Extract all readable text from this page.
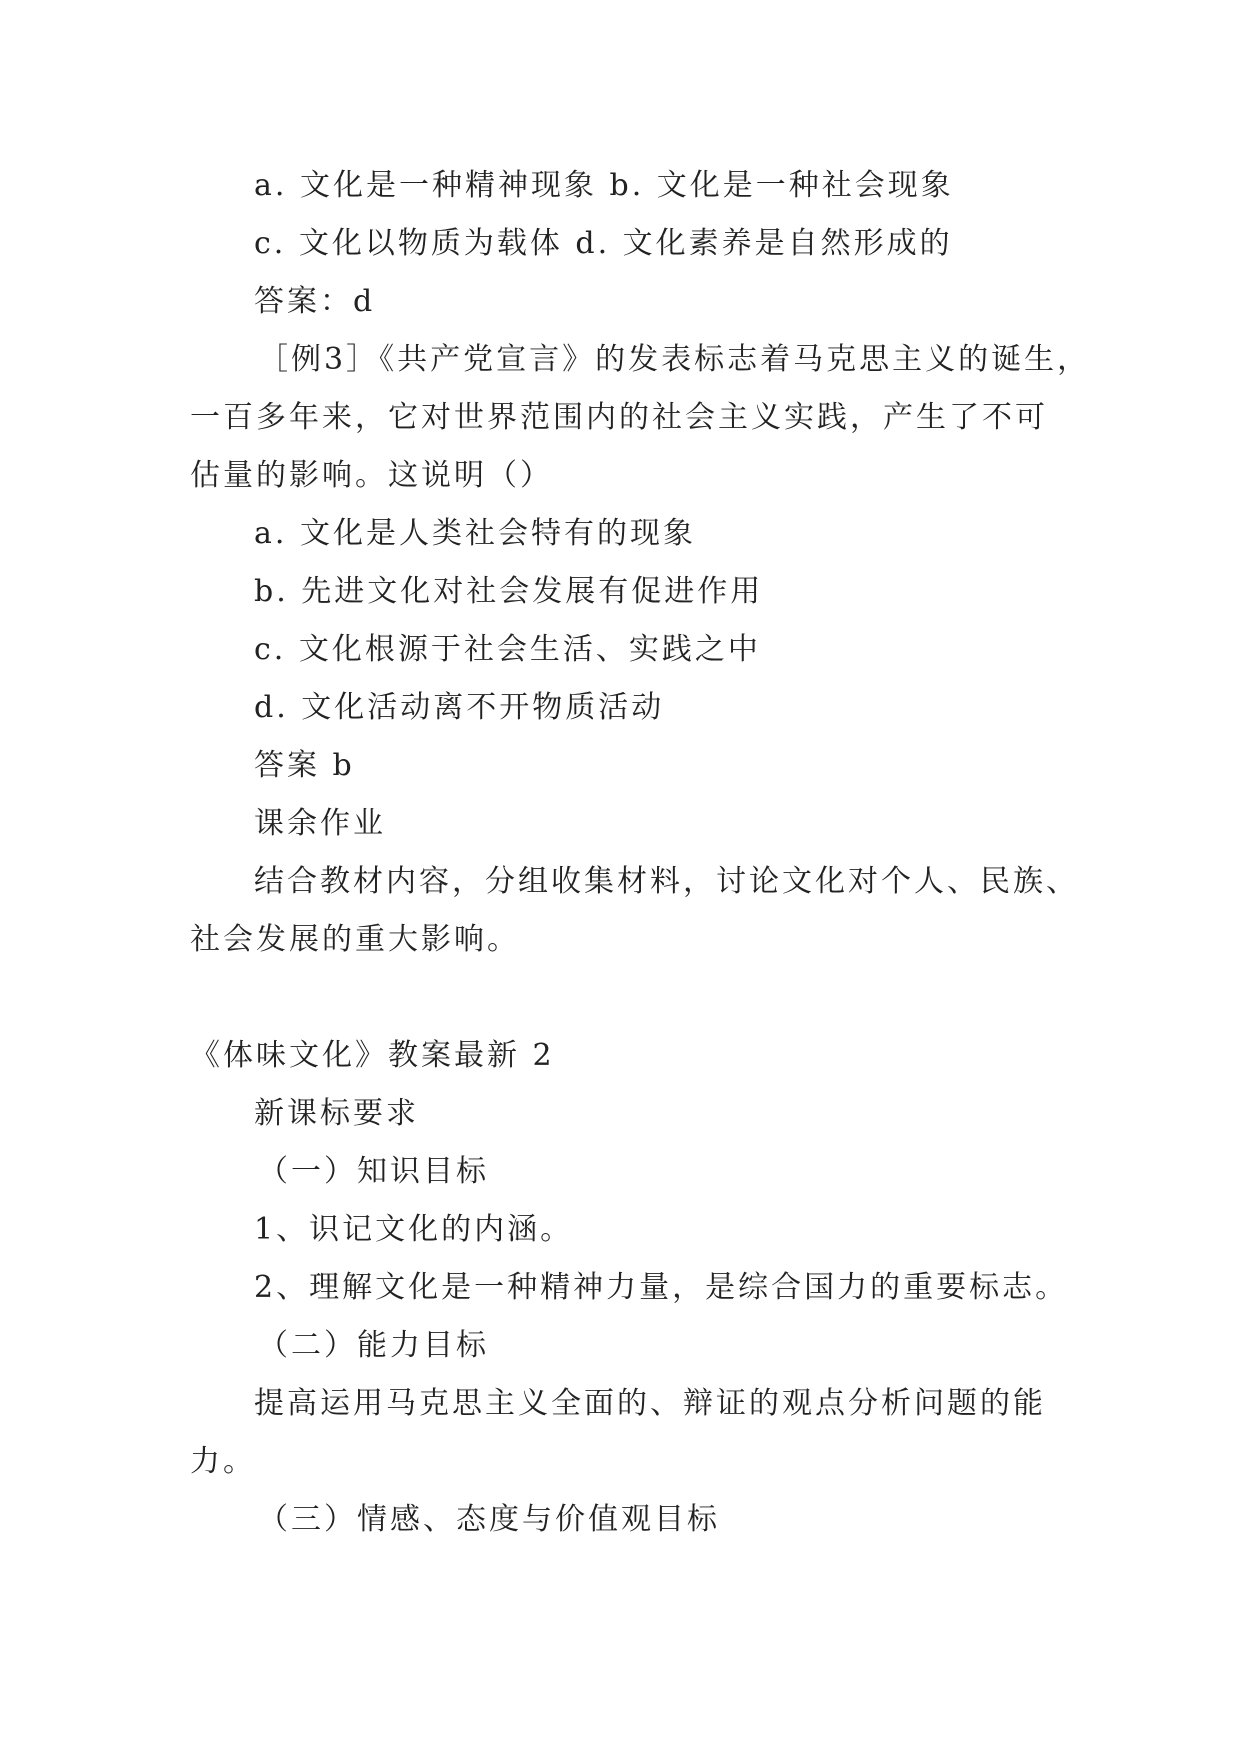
a. 文化是一种精神现象 b. 文化是一种社会现象
c. 文化以物质为载体 d. 文化素养是自然形成的
答案：d
［例3］《共产党宣言》的发表标志着马克思主义的诞生，
一百多年来，它对世界范围内的社会主义实践，产生了不可
估量的影响。这说明（）
a. 文化是人类社会特有的现象
b. 先进文化对社会发展有促进作用
c. 文化根源于社会生活、实践之中
d. 文化活动离不开物质活动
答案 b
课余作业
结合教材内容，分组收集材料，讨论文化对个人、民族、
社会发展的重大影响。
《体味文化》教案最新 2
新课标要求
（一）知识目标
1、识记文化的内涵。
2、理解文化是一种精神力量，是综合国力的重要标志。
（二）能力目标
提高运用马克思主义全面的、辩证的观点分析问题的能
力。
（三）情感、态度与价值观目标
